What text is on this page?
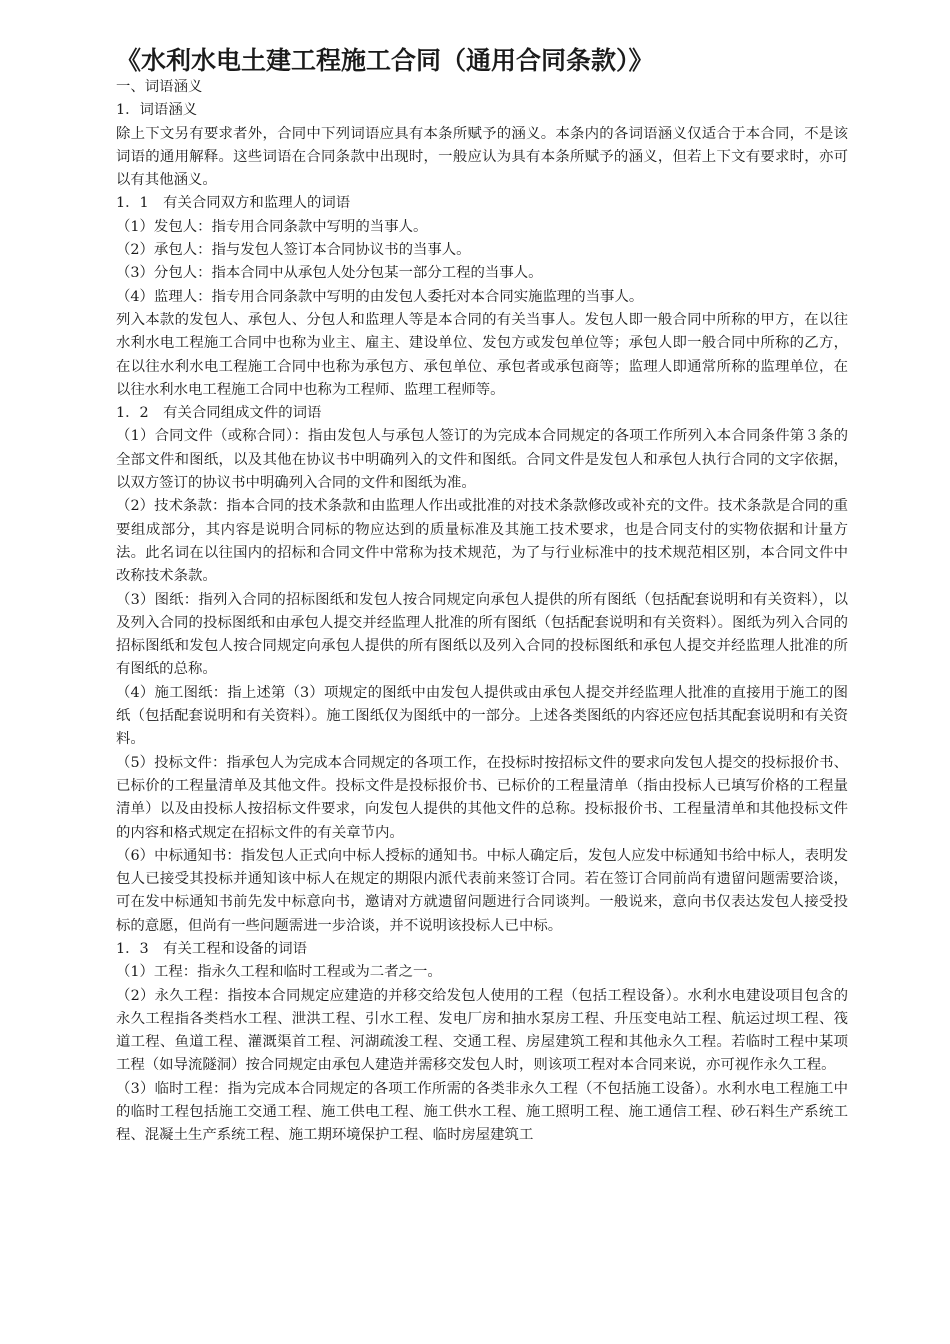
《水利水电土建工程施工合同（通用合同条款）》

一、词语涵义

1．词语涵义

除上下文另有要求者外，合同中下列词语应具有本条所赋予的涵义。本条内的各词语涵义仅适合于本合同，不是该词语的通用解释。这些词语在合同条款中出现时，一般应认为具有本条所赋予的涵义，但若上下文有要求时，亦可以有其他涵义。

1．1　有关合同双方和监理人的词语

（1）发包人：指专用合同条款中写明的当事人。

（2）承包人：指与发包人签订本合同协议书的当事人。

（3）分包人：指本合同中从承包人处分包某一部分工程的当事人。

（4）监理人：指专用合同条款中写明的由发包人委托对本合同实施监理的当事人。

列入本款的发包人、承包人、分包人和监理人等是本合同的有关当事人。发包人即一般合同中所称的甲方，在以往水利水电工程施工合同中也称为业主、雇主、建设单位、发包方或发包单位等；承包人即一般合同中所称的乙方，在以往水利水电工程施工合同中也称为承包方、承包单位、承包者或承包商等；监理人即通常所称的监理单位，在以往水利水电工程施工合同中也称为工程师、监理工程师等。

1．2　有关合同组成文件的词语

（1）合同文件（或称合同）：指由发包人与承包人签订的为完成本合同规定的各项工作所列入本合同条件第３条的全部文件和图纸，以及其他在协议书中明确列入的文件和图纸。合同文件是发包人和承包人执行合同的文字依据，以双方签订的协议书中明确列入合同的文件和图纸为准。

（2）技术条款：指本合同的技术条款和由监理人作出或批准的对技术条款修改或补充的文件。技术条款是合同的重要组成部分，其内容是说明合同标的物应达到的质量标准及其施工技术要求，也是合同支付的实物依据和计量方法。此名词在以往国内的招标和合同文件中常称为技术规范，为了与行业标准中的技术规范相区别，本合同文件中改称技术条款。

（3）图纸：指列入合同的招标图纸和发包人按合同规定向承包人提供的所有图纸（包括配套说明和有关资料），以及列入合同的投标图纸和由承包人提交并经监理人批准的所有图纸（包括配套说明和有关资料）。图纸为列入合同的招标图纸和发包人按合同规定向承包人提供的所有图纸以及列入合同的投标图纸和承包人提交并经监理人批准的所有图纸的总称。

（4）施工图纸：指上述第（3）项规定的图纸中由发包人提供或由承包人提交并经监理人批准的直接用于施工的图纸（包括配套说明和有关资料）。施工图纸仅为图纸中的一部分。上述各类图纸的内容还应包括其配套说明和有关资料。

（5）投标文件：指承包人为完成本合同规定的各项工作，在投标时按招标文件的要求向发包人提交的投标报价书、已标价的工程量清单及其他文件。投标文件是投标报价书、已标价的工程量清单（指由投标人已填写价格的工程量清单）以及由投标人按招标文件要求，向发包人提供的其他文件的总称。投标报价书、工程量清单和其他投标文件的内容和格式规定在招标文件的有关章节内。

（6）中标通知书：指发包人正式向中标人授标的通知书。中标人确定后，发包人应发中标通知书给中标人，表明发包人已接受其投标并通知该中标人在规定的期限内派代表前来签订合同。若在签订合同前尚有遗留问题需要洽谈，可在发中标通知书前先发中标意向书，邀请对方就遗留问题进行合同谈判。一般说来，意向书仅表达发包人接受投标的意愿，但尚有一些问题需进一步洽谈，并不说明该投标人已中标。

1．3　有关工程和设备的词语

（1）工程：指永久工程和临时工程或为二者之一。

（2）永久工程：指按本合同规定应建造的并移交给发包人使用的工程（包括工程设备）。水利水电建设项目包含的永久工程指各类档水工程、泄洪工程、引水工程、发电厂房和抽水泵房工程、升压变电站工程、航运过坝工程、筏道工程、鱼道工程、灌溉渠首工程、河湖疏浚工程、交通工程、房屋建筑工程和其他永久工程。若临时工程中某项工程（如导流隧洞）按合同规定由承包人建造并需移交发包人时，则该项工程对本合同来说，亦可视作永久工程。

（3）临时工程：指为完成本合同规定的各项工作所需的各类非永久工程（不包括施工设备）。水利水电工程施工中的临时工程包括施工交通工程、施工供电工程、施工供水工程、施工照明工程、施工通信工程、砂石料生产系统工程、混凝土生产系统工程、施工期环境保护工程、临时房屋建筑工
